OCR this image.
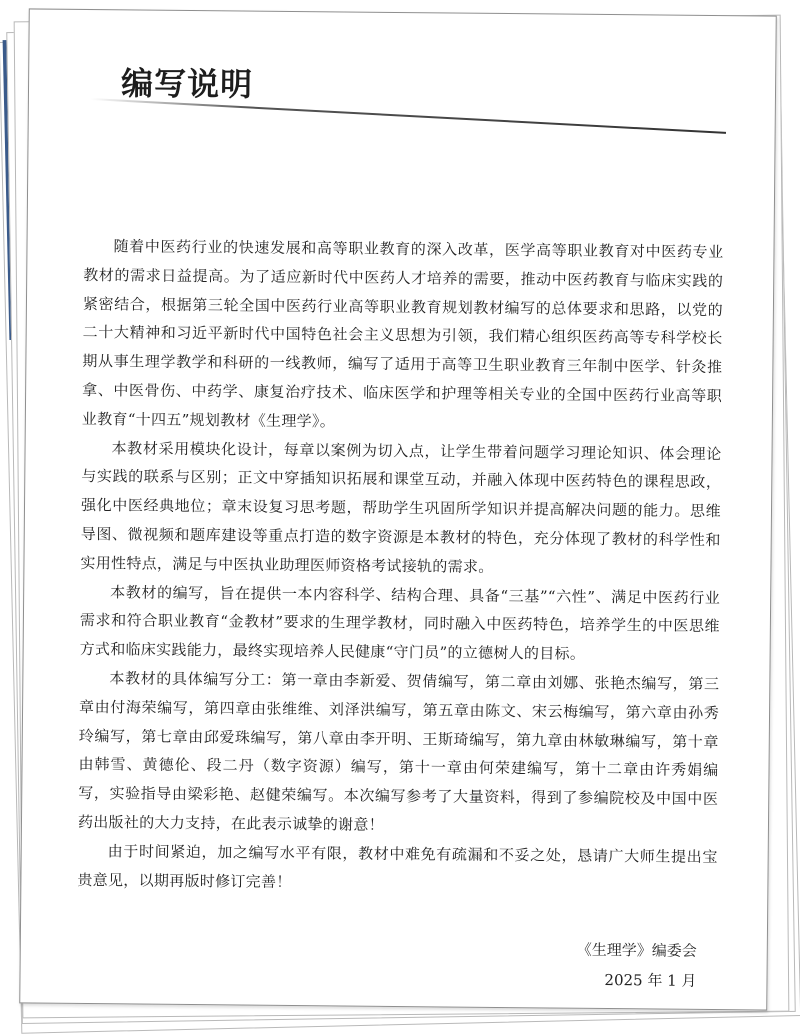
编写说明

随着中医药行业的快速发展和高等职业教育的深入改革，医学高等职业教育对中医药专业教材的需求日益提高。为了适应新时代中医药人才培养的需要，推动中医药教育与临床实践的紧密结合，根据第三轮全国中医药行业高等职业教育规划教材编写的总体要求和思路，以党的二十大精神和习近平新时代中国特色社会主义思想为引领，我们精心组织医药高等专科学校长期从事生理学教学和科研的一线教师，编写了适用于高等卫生职业教育三年制中医学、针灸推拿、中医骨伤、中药学、康复治疗技术、临床医学和护理等相关专业的全国中医药行业高等职业教育“十四五”规划教材《生理学》。

本教材采用模块化设计，每章以案例为切入点，让学生带着问题学习理论知识、体会理论与实践的联系与区别；正文中穿插知识拓展和课堂互动，并融入体现中医药特色的课程思政，强化中医经典地位；章末设复习思考题，帮助学生巩固所学知识并提高解决问题的能力。思维导图、微视频和题库建设等重点打造的数字资源是本教材的特色，充分体现了教材的科学性和实用性特点，满足与中医执业助理医师资格考试接轨的需求。

本教材的编写，旨在提供一本内容科学、结构合理、具备“三基”“六性”、满足中医药行业需求和符合职业教育“金教材”要求的生理学教材，同时融入中医药特色，培养学生的中医思维方式和临床实践能力，最终实现培养人民健康“守门员”的立德树人的目标。

本教材的具体编写分工：第一章由李新爱、贺倩编写，第二章由刘娜、张艳杰编写，第三章由付海荣编写，第四章由张维维、刘泽洪编写，第五章由陈文、宋云梅编写，第六章由孙秀玲编写，第七章由邱爱珠编写，第八章由李开明、王斯琦编写，第九章由林敏琳编写，第十章由韩雪、黄德伦、段二丹（数字资源）编写，第十一章由何荣建编写，第十二章由许秀娟编写，实验指导由梁彩艳、赵健荣编写。本次编写参考了大量资料，得到了参编院校及中国中医药出版社的大力支持，在此表示诚挚的谢意！

由于时间紧迫，加之编写水平有限，教材中难免有疏漏和不妥之处，恳请广大师生提出宝贵意见，以期再版时修订完善！

《生理学》编委会
2025 年 1 月
